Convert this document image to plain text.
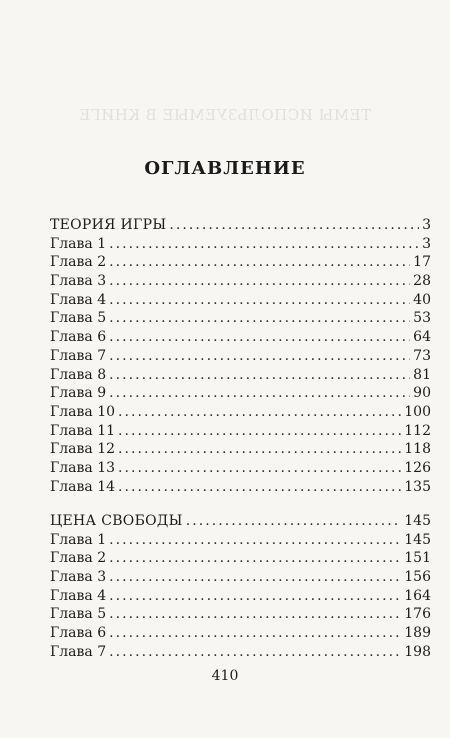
ТЕМЫ ИСПОЛЬЗУЕМЫЕ В КНИГЕ
ОГЛАВЛЕНИЕ
ТЕОРИЯ ИГРЫ . . .	3
Глава 1 . . .	3
Глава 2 . . .	17
Глава 3 . . .	28
Глава 4 . . .	40
Глава 5 . . .	53
Глава 6 . . .	64
Глава 7 . . .	73
Глава 8 . . .	81
Глава 9 . . .	90
Глава 10 . . .	100
Глава 11 . . .	112
Глава 12 . . .	118
Глава 13 . . .	126
Глава 14 . . .	135
ЦЕНА СВОБОДЫ . . .	145
Глава 1 . . .	145
Глава 2 . . .	151
Глава 3 . . .	156
Глава 4 . . .	164
Глава 5 . . .	176
Глава 6 . . .	189
Глава 7 . . .	198
410
